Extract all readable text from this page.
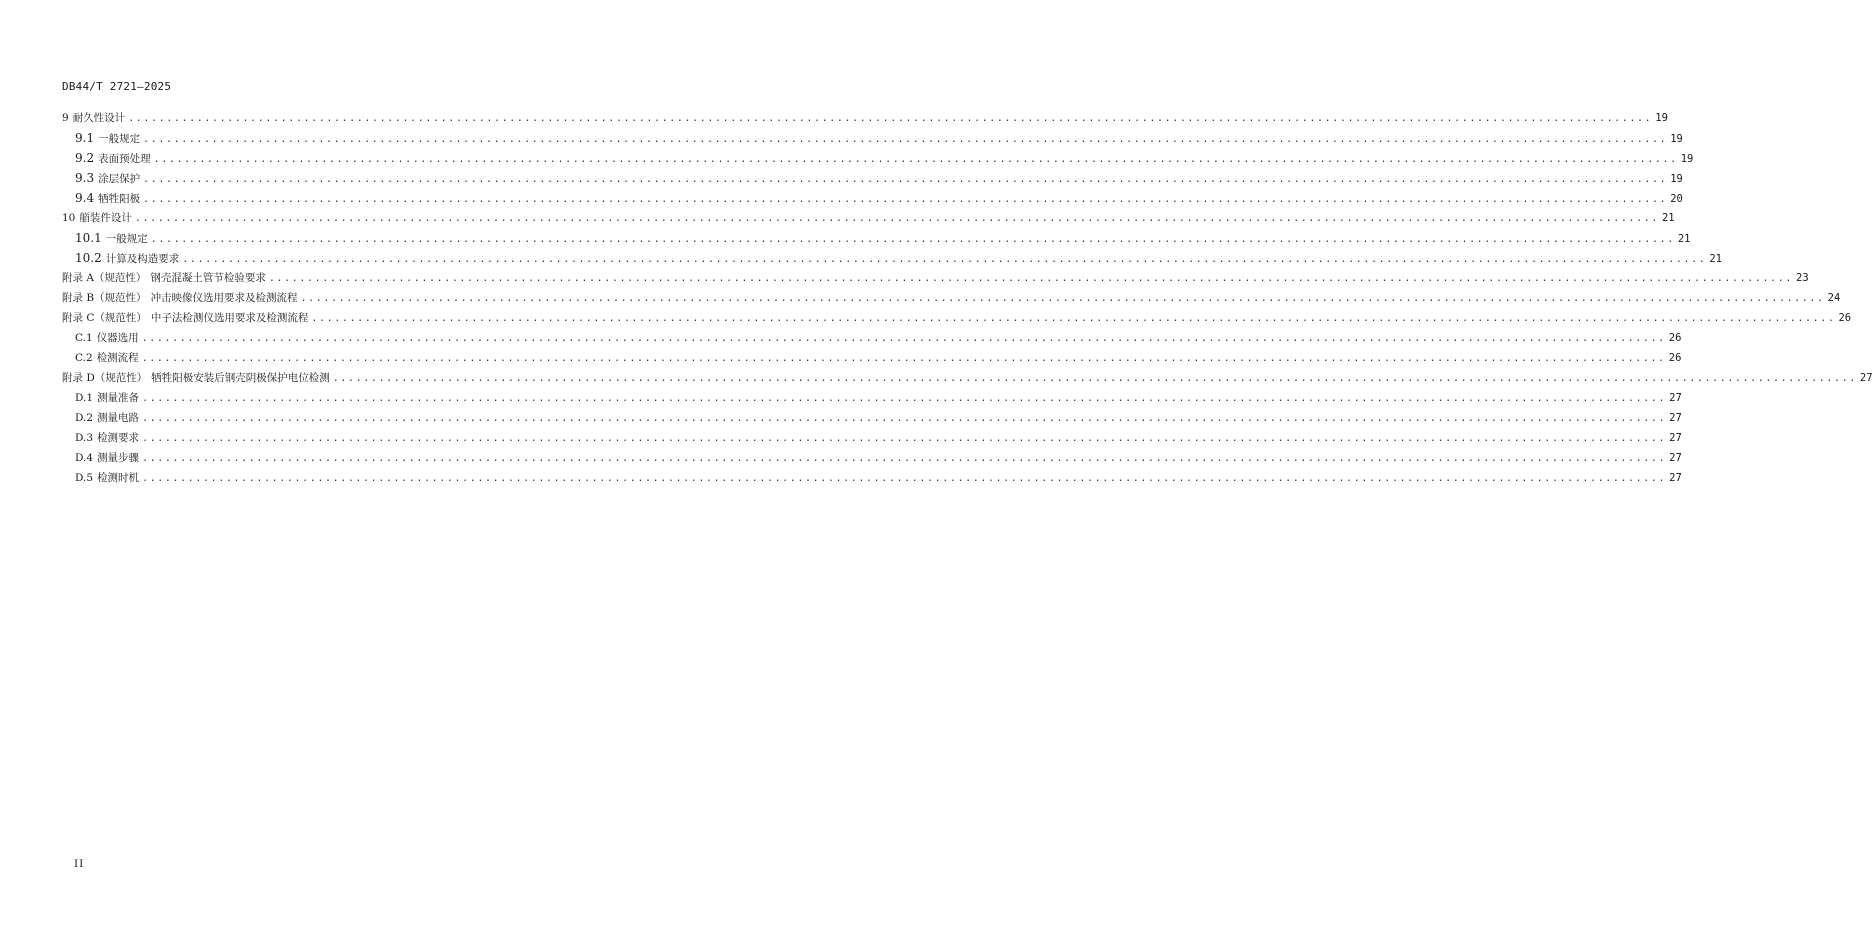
DB44/T 2721—2025
9 耐久性设计 ........................................................................................................................................................................................................ 19
9.1 一般规定 ........................................................................................................................................................................................................ 19
9.2 表面预处理 ........................................................................................................................................................................................................ 19
9.3 涂层保护 ........................................................................................................................................................................................................ 19
9.4 牺牲阳极 ........................................................................................................................................................................................................ 20
10 艏装件设计 ........................................................................................................................................................................................................ 21
10.1 一般规定 ........................................................................................................................................................................................................ 21
10.2 计算及构造要求 ........................................................................................................................................................................................................ 21
附录 A（规范性） 钢壳混凝土管节检验要求 ........................................................................................................................................................................................................ 23
附录 B（规范性） 冲击映像仪选用要求及检测流程 ........................................................................................................................................................................................................ 24
附录 C（规范性） 中子法检测仪选用要求及检测流程 ........................................................................................................................................................................................................ 26
C.1 仪器选用 ........................................................................................................................................................................................................ 26
C.2 检测流程 ........................................................................................................................................................................................................ 26
附录 D（规范性） 牺牲阳极安装后钢壳阴极保护电位检测 ........................................................................................................................................................................................................ 27
D.1 测量准备 ........................................................................................................................................................................................................ 27
D.2 测量电路 ........................................................................................................................................................................................................ 27
D.3 检测要求 ........................................................................................................................................................................................................ 27
D.4 测量步骤 ........................................................................................................................................................................................................ 27
D.5 检测时机 ........................................................................................................................................................................................................ 27
II
